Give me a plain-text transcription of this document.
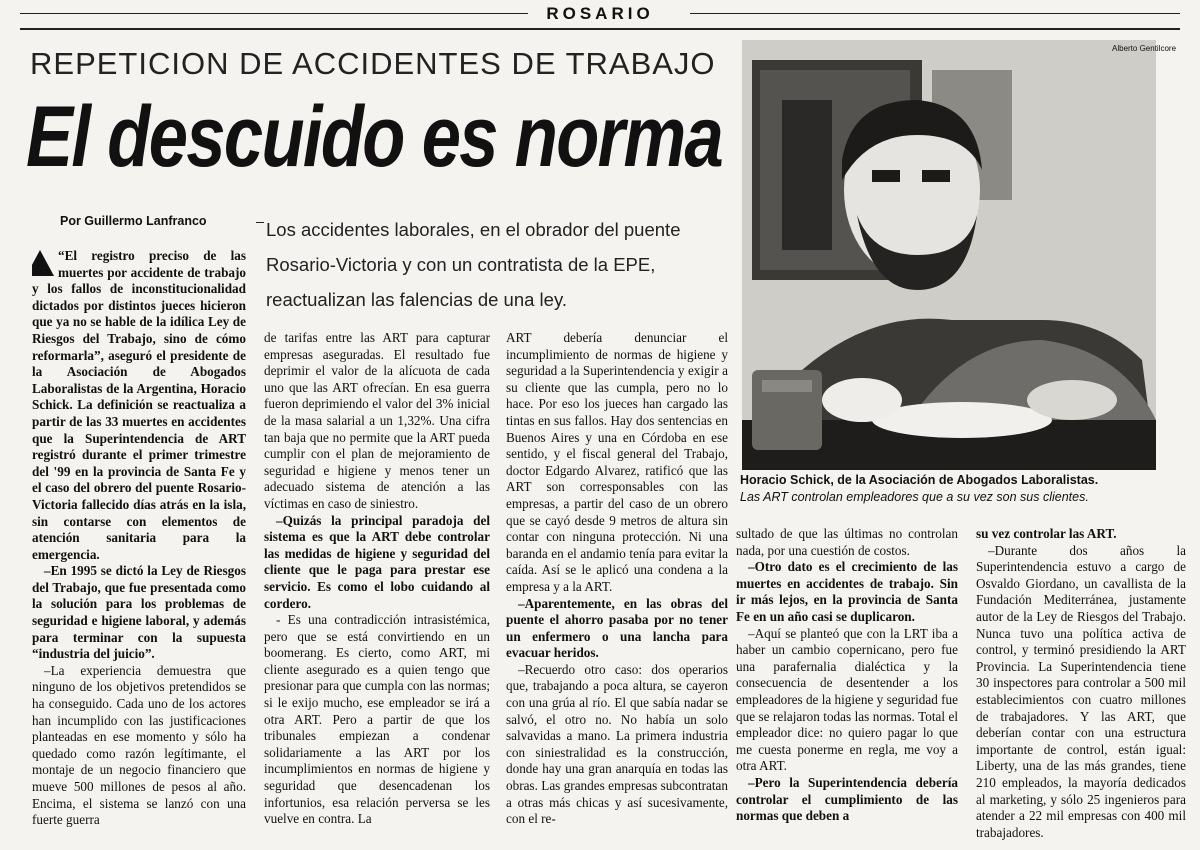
ROSARIO
REPETICION DE ACCIDENTES DE TRABAJO
El descuido es norma
Por Guillermo Lanfranco	Los accidentes laborales, en el obrador del puente Rosario-Victoria y con un contratista de la EPE, reactualizan las falencias de una ley.
Alberto Gentilcore
Horacio Schick, de la Asociación de Abogados Laboralistas.
Las ART controlan empleadores que a su vez son sus clientes.

“El registro preciso de las muertes por accidente de trabajo y los fallos de inconstitucionalidad dictados por distintos jueces hicieron que ya no se hable de la idílica Ley de Riesgos del Trabajo, sino de cómo reformarla”, aseguró el presidente de la Asociación de Abogados Laboralistas de la Argentina, Horacio Schick. La definición se reactualiza a partir de las 33 muertes en accidentes que la Superintendencia de ART registró durante el primer trimestre del '99 en la provincia de Santa Fe y el caso del obrero del puente Rosario-Victoria fallecido días atrás en la isla, sin contarse con elementos de atención sanitaria para la emergencia.

–En 1995 se dictó la Ley de Riesgos del Trabajo, que fue presentada como la solución para los problemas de seguridad e higiene laboral, y además para terminar con la supuesta “industria del juicio”.

–La experiencia demuestra que ninguno de los objetivos pretendidos se ha conseguido. Cada uno de los actores han incumplido con las justificaciones planteadas en ese momento y sólo ha quedado como razón legítimante, el montaje de un negocio financiero que mueve 500 millones de pesos al año. Encima, el sistema se lanzó con una fuerte guerra

de tarifas entre las ART para capturar empresas aseguradas. El resultado fue deprimir el valor de la alícuota de cada uno que las ART ofrecían. En esa guerra fueron deprimiendo el valor del 3% inicial de la masa salarial a un 1,32%. Una cifra tan baja que no permite que la ART pueda cumplir con el plan de mejoramiento de seguridad e higiene y menos tener un adecuado sistema de atención a las víctimas en caso de siniestro.

–Quizás la principal paradoja del sistema es que la ART debe controlar las medidas de higiene y seguridad del cliente que le paga para prestar ese servicio. Es como el lobo cuidando al cordero.

- Es una contradicción intrasistémica, pero que se está convirtiendo en un boomerang. Es cierto, como ART, mi cliente asegurado es a quien tengo que presionar para que cumpla con las normas; si le exijo mucho, ese empleador se irá a otra ART. Pero a partir de que los tribunales empiezan a condenar solidariamente a las ART por los incumplimientos en normas de higiene y seguridad que desencadenan los infortunios, esa relación perversa se les vuelve en contra. La

ART debería denunciar el incumplimiento de normas de higiene y seguridad a la Superintendencia y exigir a su cliente que las cumpla, pero no lo hace. Por eso los jueces han cargado las tintas en sus fallos. Hay dos sentencias en Buenos Aires y una en Córdoba en ese sentido, y el fiscal general del Trabajo, doctor Edgardo Alvarez, ratificó que las ART son corresponsables con las empresas, a partir del caso de un obrero que se cayó desde 9 metros de altura sin contar con ninguna protección. Ni una baranda en el andamio tenía para evitar la caída. Así se le aplicó una condena a la empresa y a la ART.

–Aparentemente, en las obras del puente el ahorro pasaba por no tener un enfermero o una lancha para evacuar heridos.

–Recuerdo otro caso: dos operarios que, trabajando a poca altura, se cayeron con una grúa al río. El que sabía nadar se salvó, el otro no. No había un solo salvavidas a mano. La primera industria con siniestralidad es la construcción, donde hay una gran anarquía en todas las obras. Las grandes empresas subcontratan a otras más chicas y así sucesivamente, con el re-

sultado de que las últimas no controlan nada, por una cuestión de costos.

–Otro dato es el crecimiento de las muertes en accidentes de trabajo. Sin ir más lejos, en la provincia de Santa Fe en un año casi se duplicaron.

–Aquí se planteó que con la LRT iba a haber un cambio copernicano, pero fue una parafernalia dialéctica y la consecuencia de desentender a los empleadores de la higiene y seguridad fue que se relajaron todas las normas. Total el empleador dice: no quiero pagar lo que me cuesta ponerme en regla, me voy a otra ART.

–Pero la Superintendencia debería controlar el cumplimiento de las normas que deben a

su vez controlar las ART.

–Durante dos años la Superintendencia estuvo a cargo de Osvaldo Giordano, un cavallista de la Fundación Mediterránea, justamente autor de la Ley de Riesgos del Trabajo. Nunca tuvo una política activa de control, y terminó presidiendo la ART Provincia. La Superintendencia tiene 30 inspectores para controlar a 500 mil establecimientos con cuatro millones de trabajadores. Y las ART, que deberían contar con una estructura importante de control, están igual: Liberty, una de las más grandes, tiene 210 empleados, la mayoría dedicados al marketing, y sólo 25 ingenieros para atender a 22 mil empresas con 400 mil trabajadores.
